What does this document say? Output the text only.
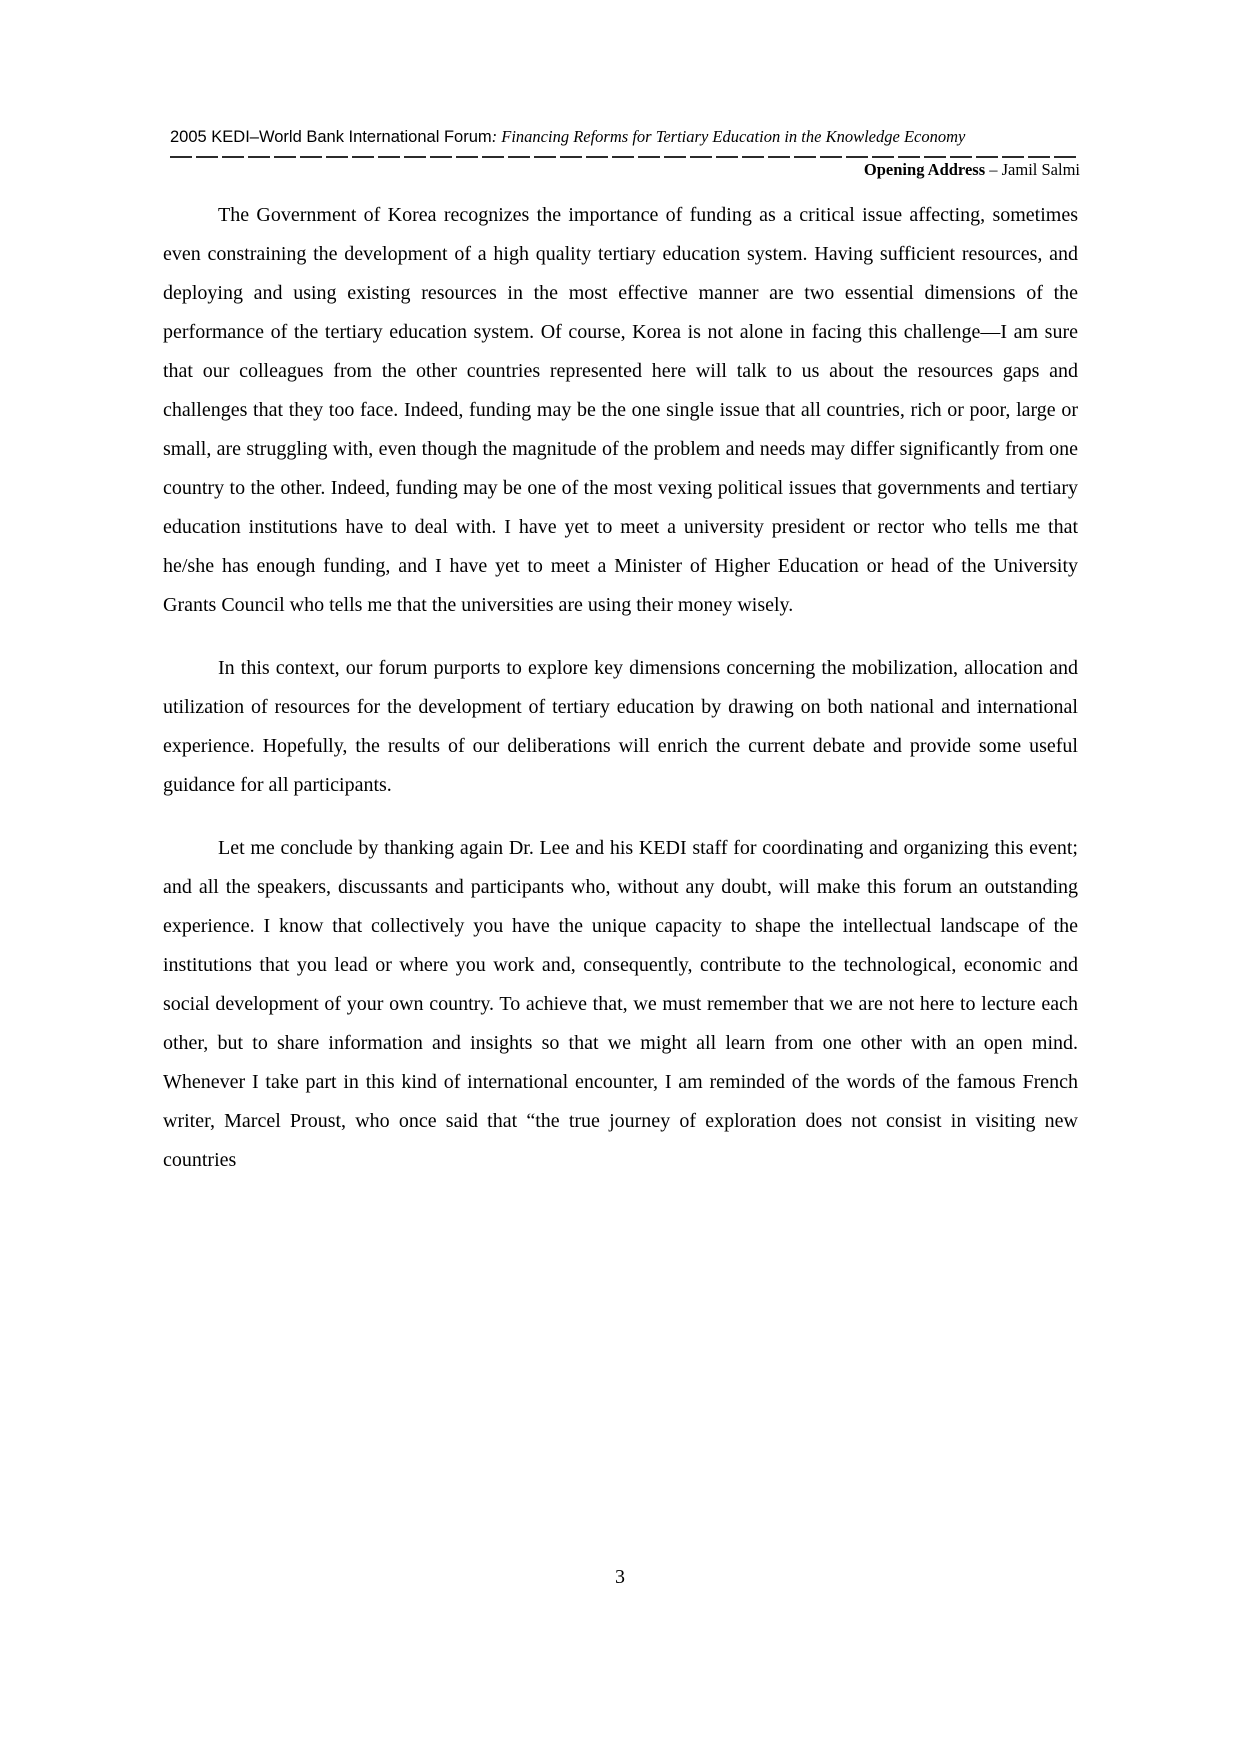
2005 KEDI–World Bank International Forum: Financing Reforms for Tertiary Education in the Knowledge Economy
Opening Address – Jamil Salmi

The Government of Korea recognizes the importance of funding as a critical issue affecting, sometimes even constraining the development of a high quality tertiary education system. Having sufficient resources, and deploying and using existing resources in the most effective manner are two essential dimensions of the performance of the tertiary education system. Of course, Korea is not alone in facing this challenge—I am sure that our colleagues from the other countries represented here will talk to us about the resources gaps and challenges that they too face. Indeed, funding may be the one single issue that all countries, rich or poor, large or small, are struggling with, even though the magnitude of the problem and needs may differ significantly from one country to the other. Indeed, funding may be one of the most vexing political issues that governments and tertiary education institutions have to deal with. I have yet to meet a university president or rector who tells me that he/she has enough funding, and I have yet to meet a Minister of Higher Education or head of the University Grants Council who tells me that the universities are using their money wisely.

In this context, our forum purports to explore key dimensions concerning the mobilization, allocation and utilization of resources for the development of tertiary education by drawing on both national and international experience. Hopefully, the results of our deliberations will enrich the current debate and provide some useful guidance for all participants.

Let me conclude by thanking again Dr. Lee and his KEDI staff for coordinating and organizing this event; and all the speakers, discussants and participants who, without any doubt, will make this forum an outstanding experience. I know that collectively you have the unique capacity to shape the intellectual landscape of the institutions that you lead or where you work and, consequently, contribute to the technological, economic and social development of your own country. To achieve that, we must remember that we are not here to lecture each other, but to share information and insights so that we might all learn from one other with an open mind. Whenever I take part in this kind of international encounter, I am reminded of the words of the famous French writer, Marcel Proust, who once said that “the true journey of exploration does not consist in visiting new countries

3
